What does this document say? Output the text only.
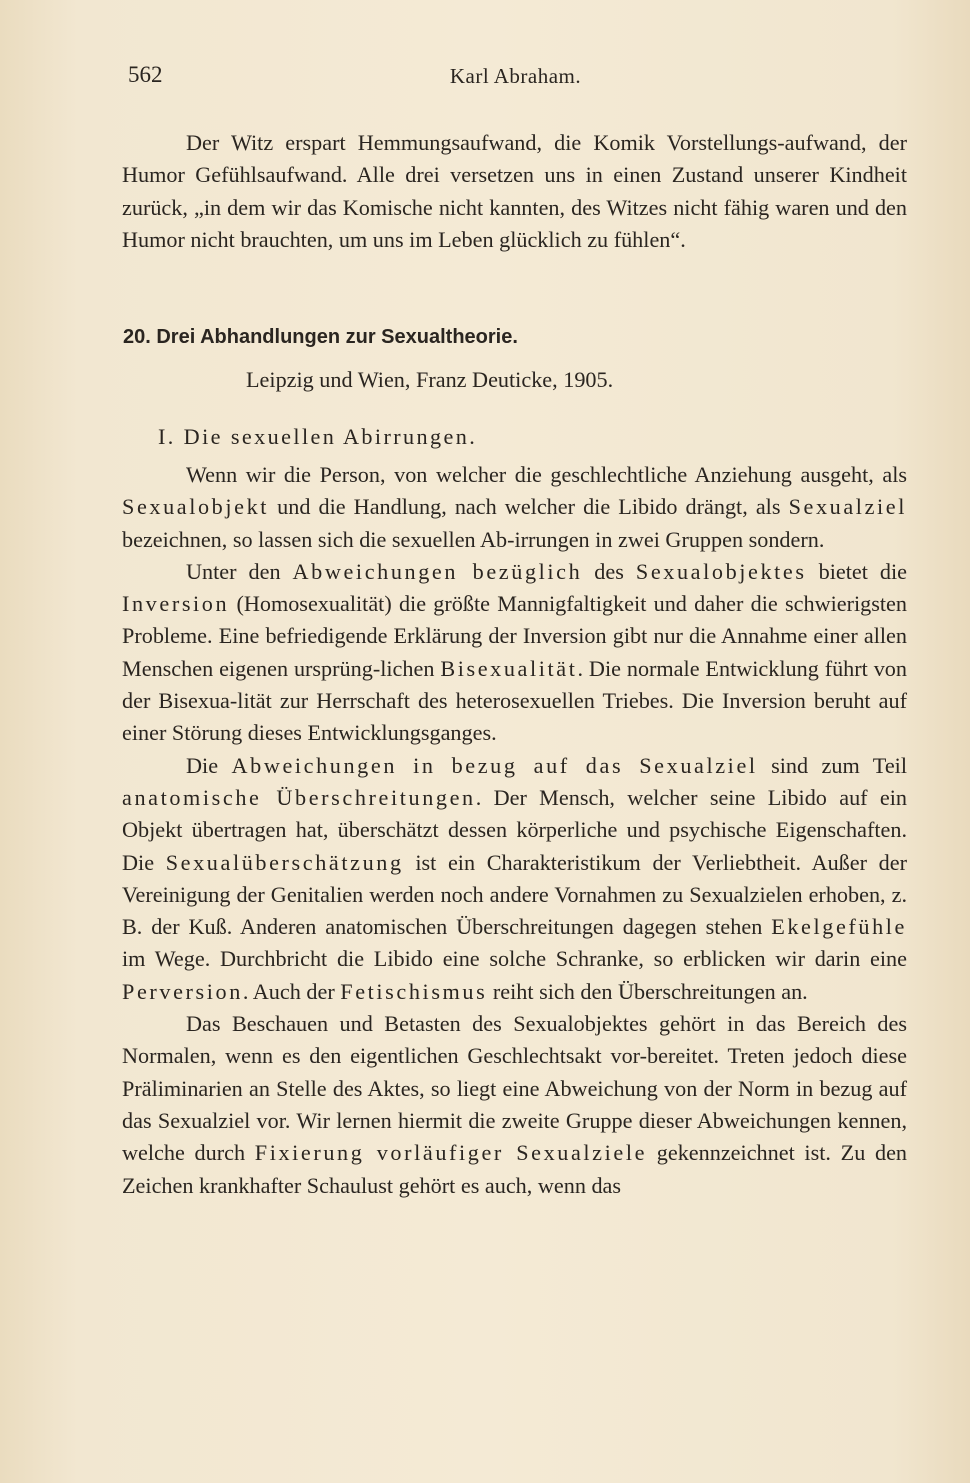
562	Karl Abraham.

Der Witz erspart Hemmungsaufwand, die Komik Vorstellungs-aufwand, der Humor Gefühlsaufwand. Alle drei versetzen uns in einen Zustand unserer Kindheit zurück, „in dem wir das Komische nicht kannten, des Witzes nicht fähig waren und den Humor nicht brauchten, um uns im Leben glücklich zu fühlen“.

20. Drei Abhandlungen zur Sexualtheorie.
Leipzig und Wien, Franz Deuticke, 1905.
I. Die sexuellen Abirrungen.

Wenn wir die Person, von welcher die geschlechtliche Anziehung ausgeht, als Sexualobjekt und die Handlung, nach welcher die Libido drängt, als Sexualziel bezeichnen, so lassen sich die sexuellen Ab-irrungen in zwei Gruppen sondern.

Unter den Abweichungen bezüglich des Sexualobjektes bietet die Inversion (Homosexualität) die größte Mannigfaltigkeit und daher die schwierigsten Probleme. Eine befriedigende Erklärung der Inversion gibt nur die Annahme einer allen Menschen eigenen ursprüng-lichen Bisexualität. Die normale Entwicklung führt von der Bisexua-lität zur Herrschaft des heterosexuellen Triebes. Die Inversion beruht auf einer Störung dieses Entwicklungsganges.

Die Abweichungen in bezug auf das Sexualziel sind zum Teil anatomische Überschreitungen. Der Mensch, welcher seine Libido auf ein Objekt übertragen hat, überschätzt dessen körperliche und psychische Eigenschaften. Die Sexualüberschätzung ist ein Charakteristikum der Verliebtheit. Außer der Vereinigung der Genitalien werden noch andere Vornahmen zu Sexualzielen erhoben, z. B. der Kuß. Anderen anatomischen Überschreitungen dagegen stehen Ekelgefühle im Wege. Durchbricht die Libido eine solche Schranke, so erblicken wir darin eine Perversion. Auch der Fetischismus reiht sich den Überschreitungen an.

Das Beschauen und Betasten des Sexualobjektes gehört in das Bereich des Normalen, wenn es den eigentlichen Geschlechtsakt vor-bereitet. Treten jedoch diese Präliminarien an Stelle des Aktes, so liegt eine Abweichung von der Norm in bezug auf das Sexualziel vor. Wir lernen hiermit die zweite Gruppe dieser Abweichungen kennen, welche durch Fixierung vorläufiger Sexualziele gekennzeichnet ist. Zu den Zeichen krankhafter Schaulust gehört es auch, wenn das
